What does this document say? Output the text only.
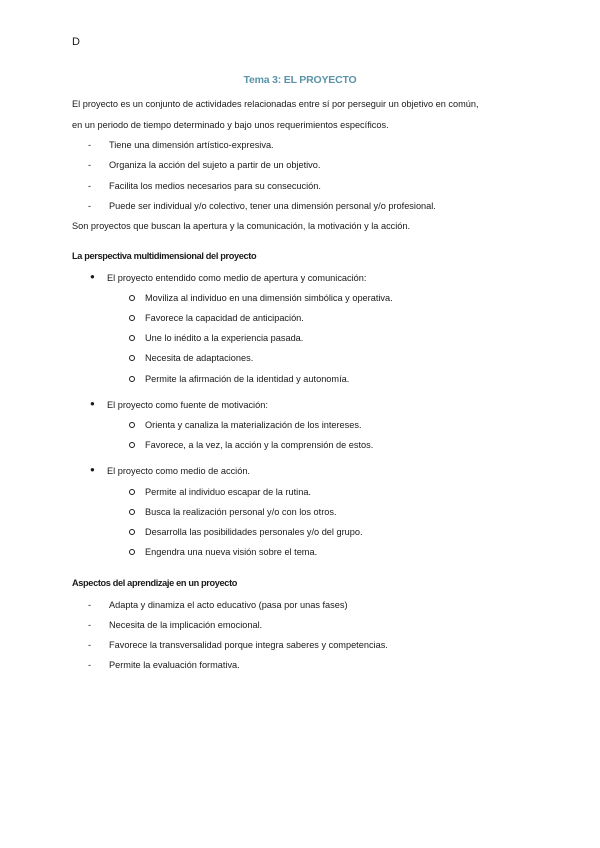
D
Tema 3: EL PROYECTO
El proyecto es un conjunto de actividades relacionadas entre sí por perseguir un objetivo en común,
en un periodo de tiempo determinado y bajo unos requerimientos específicos.
- Tiene una dimensión artístico-expresiva.
- Organiza la acción del sujeto a partir de un objetivo.
- Facilita los medios necesarios para su consecución.
- Puede ser individual y/o colectivo, tener una dimensión personal y/o profesional.
Son proyectos que buscan la apertura y la comunicación, la motivación y la acción.
La perspectiva multidimensional del proyecto
● El proyecto entendido como medio de apertura y comunicación:
Moviliza al individuo en una dimensión simbólica y operativa.
Favorece la capacidad de anticipación.
Une lo inédito a la experiencia pasada.
Necesita de adaptaciones.
Permite la afirmación de la identidad y autonomía.
● El proyecto como fuente de motivación:
Orienta y canaliza la materialización de los intereses.
Favorece, a la vez, la acción y la comprensión de estos.
● El proyecto como medio de acción.
Permite al individuo escapar de la rutina.
Busca la realización personal y/o con los otros.
Desarrolla las posibilidades personales y/o del grupo.
Engendra una nueva visión sobre el tema.
Aspectos del aprendizaje en un proyecto
- Adapta y dinamiza el acto educativo (pasa por unas fases)
- Necesita de la implicación emocional.
- Favorece la transversalidad porque integra saberes y competencias.
- Permite la evaluación formativa.
